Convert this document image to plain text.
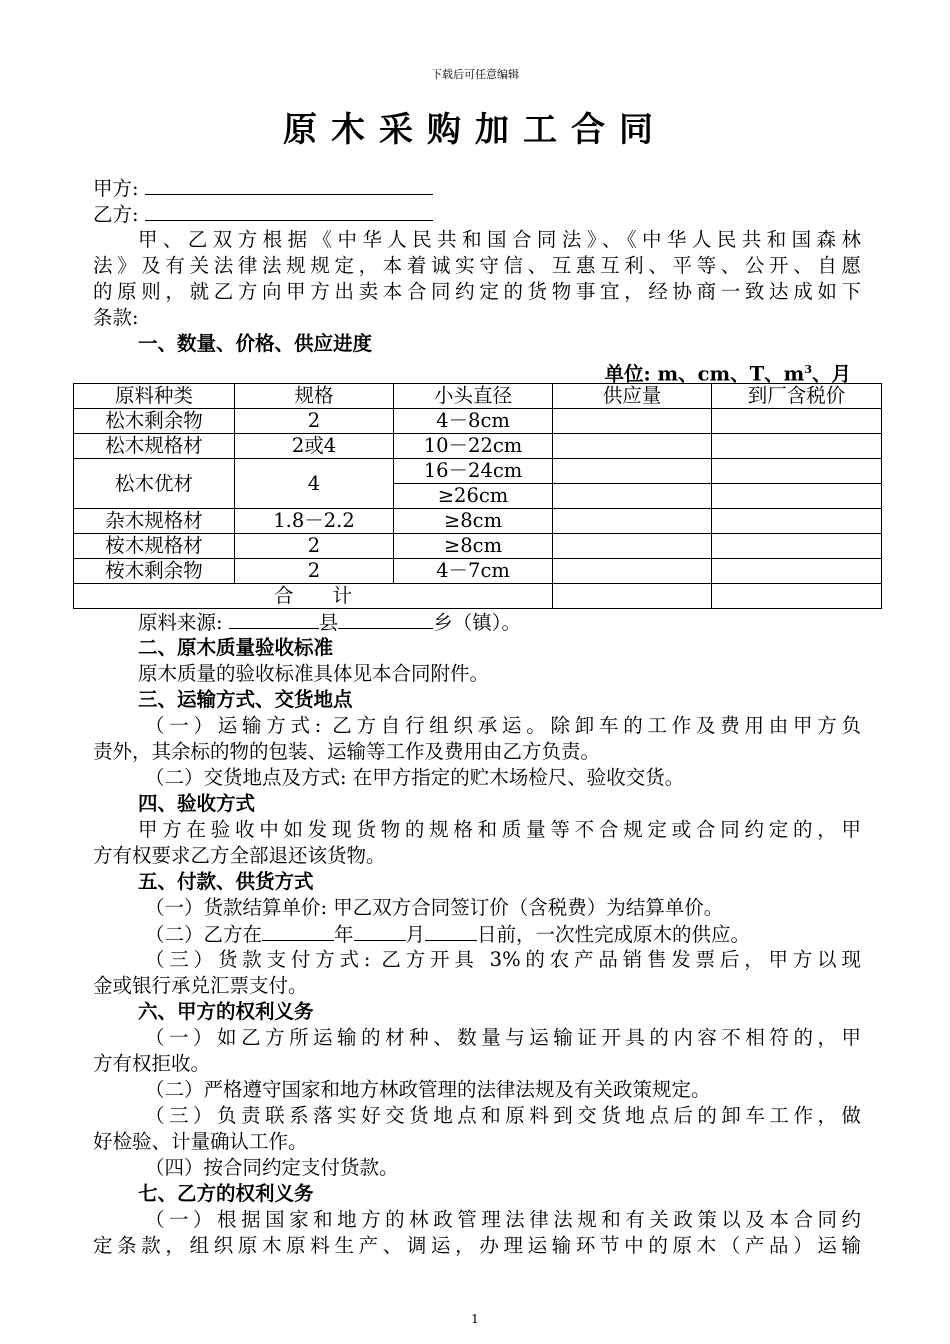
下载后可任意编辑
原木采购加工合同
甲方:
乙方:
甲、乙双方根据《中华人民共和国合同法》、《中华人民共和国森林
法》及有关法律法规规定，本着诚实守信、互惠互利、平等、公开、自愿
的原则，就乙方向甲方出卖本合同约定的货物事宜，经协商一致达成如下
条款:
一、数量、价格、供应进度
单位: m、cm、T、$m^3$、月
原料种类	规格	小头直径	供应量	到厂含税价
松木剩余物	2	4－8cm		
松木规格材	2或4	10－22cm		
松木优材	4	16－24cm		
		≥26cm		
杂木规格材	1.8－2.2	≥8cm		
桉木规格材	2	≥8cm		
桉木剩余物	2	4－7cm		
合　　计				
原料来源:	县	乡（镇）。
二、原木质量验收标准
原木质量的验收标准具体见本合同附件。
三、运输方式、交货地点
（一）运输方式: 乙方自行组织承运。除卸车的工作及费用由甲方负
责外，其余标的物的包装、运输等工作及费用由乙方负责。
（二）交货地点及方式: 在甲方指定的贮木场检尺、验收交货。
四、验收方式
甲方在验收中如发现货物的规格和质量等不合规定或合同约定的，甲
方有权要求乙方全部退还该货物。
五、付款、供货方式
（一）货款结算单价: 甲乙双方合同签订价（含税费）为结算单价。
（二）乙方在	年	月	日前，一次性完成原木的供应。
（三）货款支付方式: 乙方开具 3%的农产品销售发票后，甲方以现
金或银行承兑汇票支付。
六、甲方的权利义务
（一）如乙方所运输的材种、数量与运输证开具的内容不相符的，甲
方有权拒收。
（二）严格遵守国家和地方林政管理的法律法规及有关政策规定。
（三）负责联系落实好交货地点和原料到交货地点后的卸车工作，做
好检验、计量确认工作。
（四）按合同约定支付货款。
七、乙方的权利义务
（一）根据国家和地方的林政管理法律法规和有关政策以及本合同约
定条款，组织原木原料生产、调运，办理运输环节中的原木（产品）运输
1
